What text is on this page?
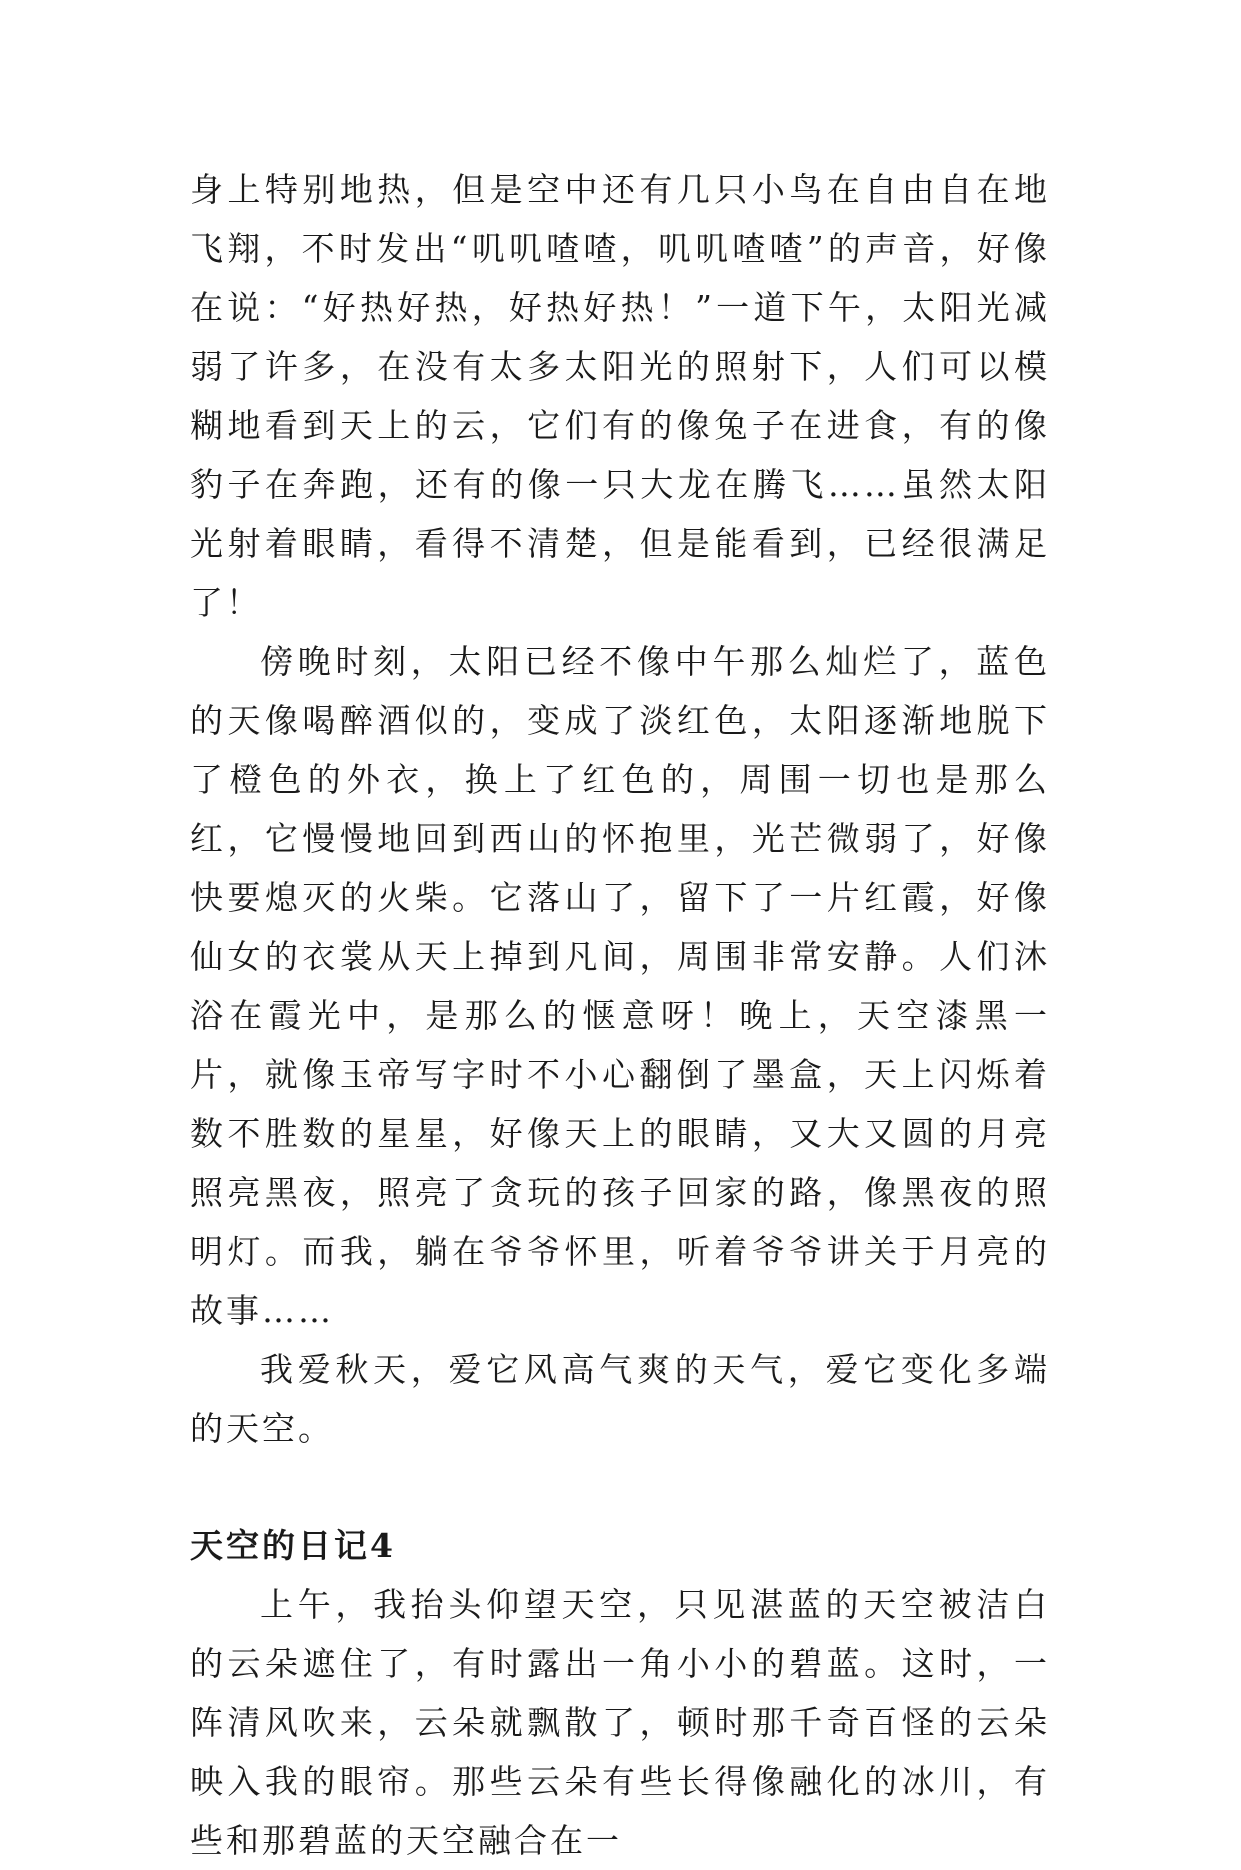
身上特别地热，但是空中还有几只小鸟在自由自在地飞翔，不时发出“叽叽喳喳，叽叽喳喳”的声音，好像在说：“好热好热，好热好热！”一道下午，太阳光减弱了许多，在没有太多太阳光的照射下，人们可以模糊地看到天上的云，它们有的像兔子在进食，有的像豹子在奔跑，还有的像一只大龙在腾飞……虽然太阳光射着眼睛，看得不清楚，但是能看到，已经很满足了！

傍晚时刻，太阳已经不像中午那么灿烂了，蓝色的天像喝醉酒似的，变成了淡红色，太阳逐渐地脱下了橙色的外衣，换上了红色的，周围一切也是那么红，它慢慢地回到西山的怀抱里，光芒微弱了，好像快要熄灭的火柴。它落山了，留下了一片红霞，好像仙女的衣裳从天上掉到凡间，周围非常安静。人们沐浴在霞光中，是那么的惬意呀！晚上，天空漆黑一片，就像玉帝写字时不小心翻倒了墨盒，天上闪烁着数不胜数的星星，好像天上的眼睛，又大又圆的月亮照亮黑夜，照亮了贪玩的孩子回家的路，像黑夜的照明灯。而我，躺在爷爷怀里，听着爷爷讲关于月亮的故事……

我爱秋天，爱它风高气爽的天气，爱它变化多端的天空。

天空的日记4

上午，我抬头仰望天空，只见湛蓝的天空被洁白的云朵遮住了，有时露出一角小小的碧蓝。这时，一阵清风吹来，云朵就飘散了，顿时那千奇百怪的云朵映入我的眼帘。那些云朵有些长得像融化的冰川，有些和那碧蓝的天空融合在一
